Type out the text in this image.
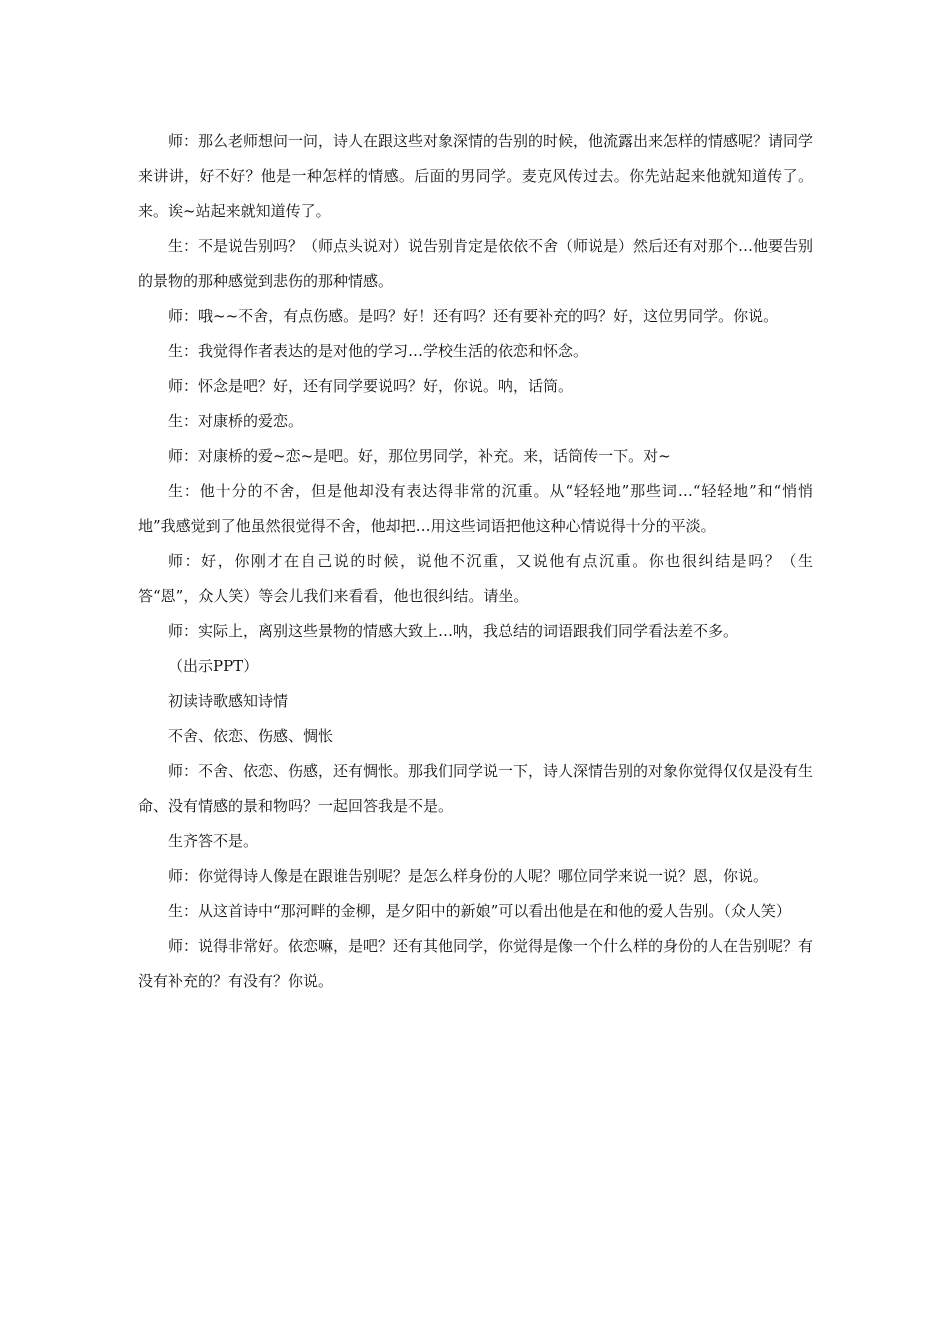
师：那么老师想问一问，诗人在跟这些对象深情的告别的时候，他流露出来怎样的情感呢？请同学来讲讲，好不好？他是一种怎样的情感。后面的男同学。麦克风传过去。你先站起来他就知道传了。来。诶~站起来就知道传了。

生：不是说告别吗？（师点头说对）说告别肯定是依依不舍（师说是）然后还有对那个…他要告别的景物的那种感觉到悲伤的那种情感。

师：哦~~不舍，有点伤感。是吗？好！还有吗？还有要补充的吗？好，这位男同学。你说。

生：我觉得作者表达的是对他的学习…学校生活的依恋和怀念。

师：怀念是吧？好，还有同学要说吗？好，你说。呐，话筒。

生：对康桥的爱恋。

师：对康桥的爱~恋~是吧。好，那位男同学，补充。来，话筒传一下。对~

生：他十分的不舍，但是他却没有表达得非常的沉重。从“轻轻地”那些词…“轻轻地”和“悄悄地”我感觉到了他虽然很觉得不舍，他却把…用这些词语把他这种心情说得十分的平淡。

师：好，你刚才在自己说的时候，说他不沉重，又说他有点沉重。你也很纠结是吗？（生答“恩”，众人笑）等会儿我们来看看，他也很纠结。请坐。

师：实际上，离别这些景物的情感大致上…呐，我总结的词语跟我们同学看法差不多。

（出示PPT）

初读诗歌感知诗情

不舍、依恋、伤感、惆怅

师：不舍、依恋、伤感，还有惆怅。那我们同学说一下，诗人深情告别的对象你觉得仅仅是没有生命、没有情感的景和物吗？一起回答我是不是。

生齐答不是。

师：你觉得诗人像是在跟谁告别呢？是怎么样身份的人呢？哪位同学来说一说？恩，你说。

生：从这首诗中“那河畔的金柳，是夕阳中的新娘”可以看出他是在和他的爱人告别。（众人笑）

师：说得非常好。依恋嘛，是吧？还有其他同学，你觉得是像一个什么样的身份的人在告别呢？有没有补充的？有没有？你说。
